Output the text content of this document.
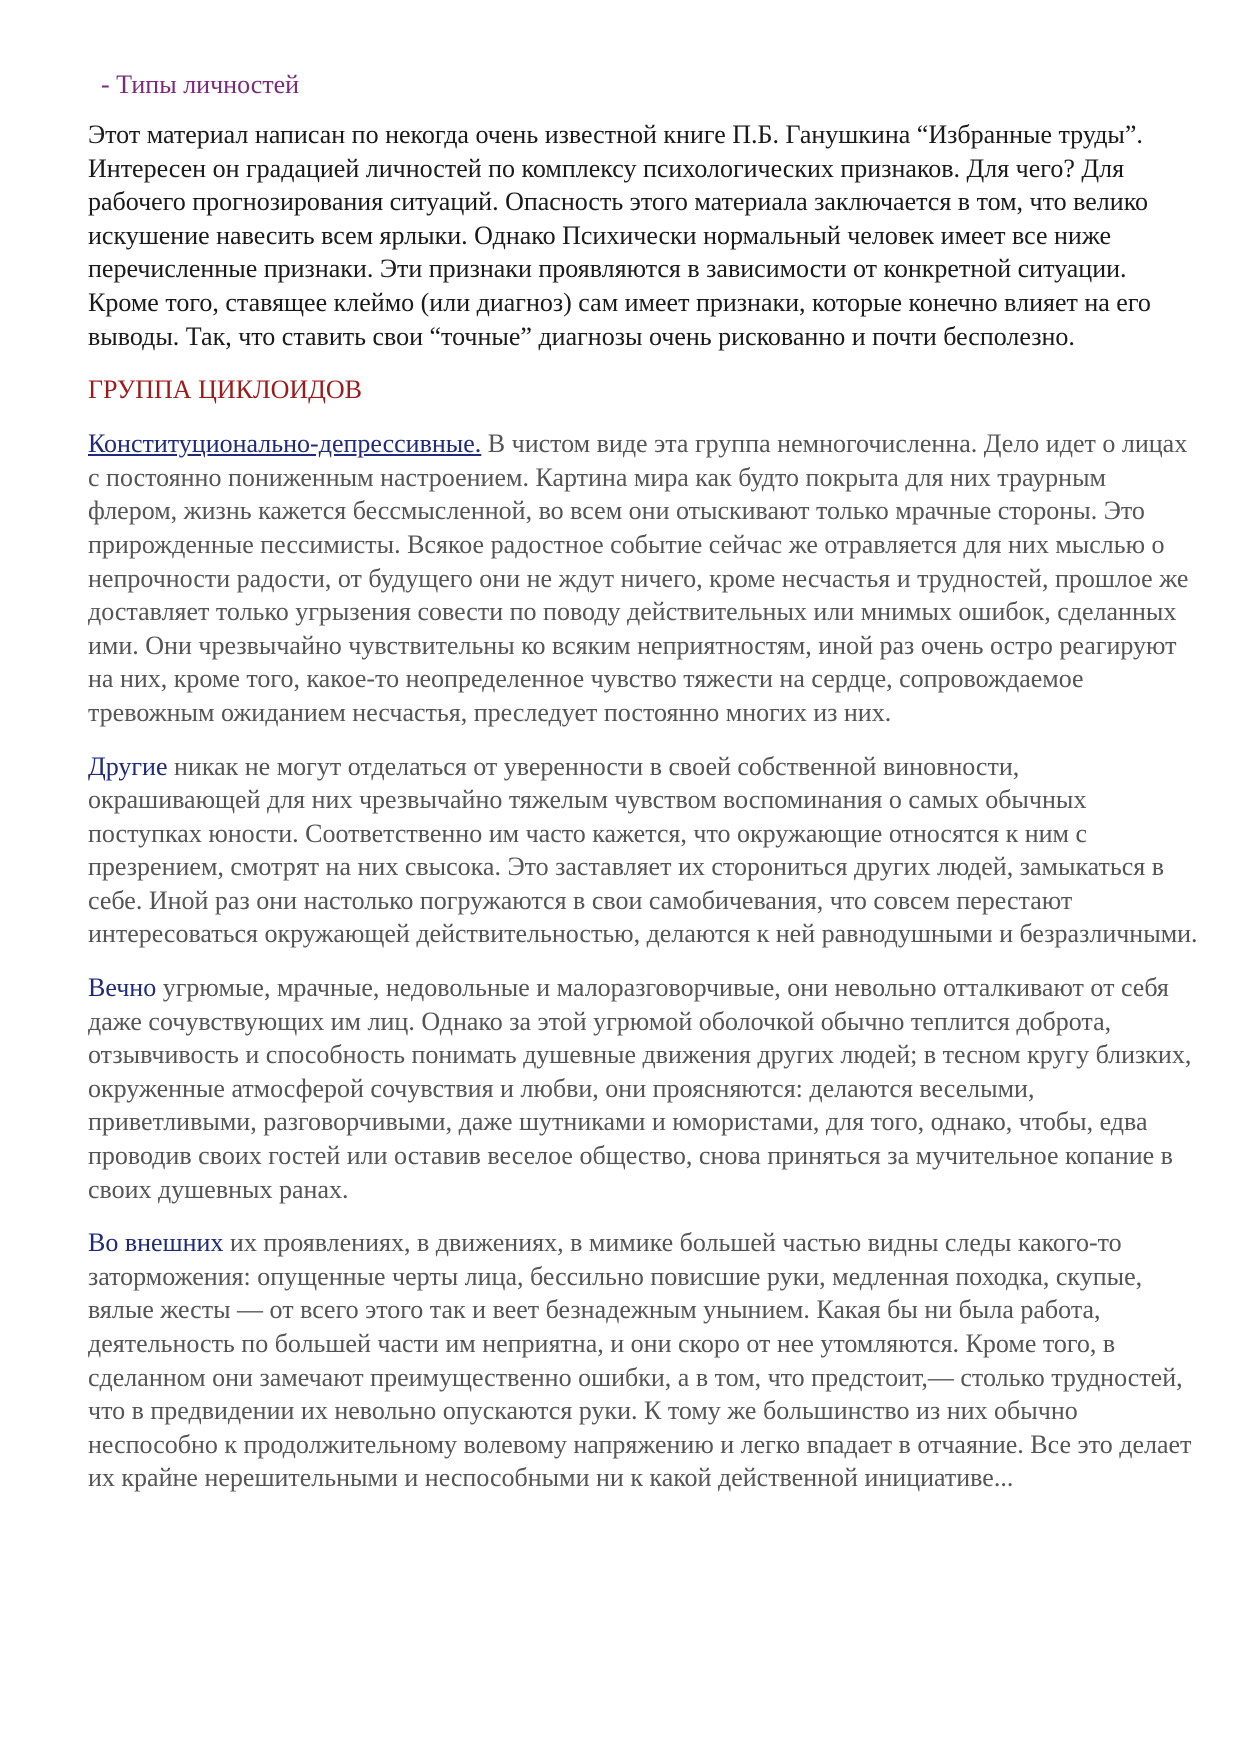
- Типы личностей

Этот материал написан по некогда очень известной книге П.Б. Ганушкина “Избранные труды”. Интересен он градацией личностей по комплексу психологических признаков. Для чего? Для рабочего прогнозирования ситуаций. Опасность этого материала заключается в том, что велико искушение навесить всем ярлыки. Однако Психически нормальный человек имеет все ниже перечисленные признаки. Эти признаки проявляются в зависимости от конкретной ситуации. Кроме того, ставящее клеймо (или диагноз) сам имеет признаки, которые конечно влияет на его выводы. Так, что ставить свои “точные” диагнозы очень рискованно и почти бесполезно.

ГРУППА ЦИКЛОИДОВ

Конституционально-депрессивные. В чистом виде эта группа немногочисленна. Дело идет о лицах с постоянно пониженным настроением. Картина мира как будто покрыта для них траурным флером, жизнь кажется бессмысленной, во всем они отыскивают только мрачные стороны. Это прирожденные пессимисты. Всякое радостное событие сейчас же отравляется для них мыслью о непрочности радости, от будущего они не ждут ничего, кроме несчастья и трудностей, прошлое же доставляет только угрызения совести по поводу действительных или мнимых ошибок, сделанных ими. Они чрезвычайно чувствительны ко всяким неприятностям, иной раз очень остро реагируют на них, кроме того, какое-то неопределенное чувство тяжести на сердце, сопровождаемое тревожным ожиданием несчастья, преследует постоянно многих из них.

Другие никак не могут отделаться от уверенности в своей собственной виновности, окрашивающей для них чрезвычайно тяжелым чувством воспоминания о самых обычных поступках юности. Соответственно им часто кажется, что окружающие относятся к ним с презрением, смотрят на них свысока. Это заставляет их сторониться других людей, замыкаться в себе. Иной раз они настолько погружаются в свои самобичевания, что совсем перестают интересоваться окружающей действительностью, делаются к ней равнодушными и безразличными.

Вечно угрюмые, мрачные, недовольные и малоразговорчивые, они невольно отталкивают от себя даже сочувствующих им лиц. Однако за этой угрюмой оболочкой обычно теплится доброта, отзывчивость и способность понимать душевные движения других людей; в тесном кругу близких, окруженные атмосферой сочувствия и любви, они проясняются: делаются веселыми, приветливыми, разговорчивыми, даже шутниками и юмористами, для того, однако, чтобы, едва проводив своих гостей или оставив веселое общество, снова приняться за мучительное копание в своих душевных ранах.

Во внешних их проявлениях, в движениях, в мимике большей частью видны следы какого-то заторможения: опущенные черты лица, бессильно повисшие руки, медленная походка, скупые, вялые жесты — от всего этого так и веет безнадежным унынием. Какая бы ни была работа, деятельность по большей части им неприятна, и они скоро от нее утомляются. Кроме того, в сделанном они замечают преимущественно ошибки, а в том, что предстоит,— столько трудностей, что в предвидении их невольно опускаются руки. К тому же большинство из них обычно неспособно к продолжительному волевому напряжению и легко впадает в отчаяние. Все это делает их крайне нерешительными и неспособными ни к какой действенной инициативе...
